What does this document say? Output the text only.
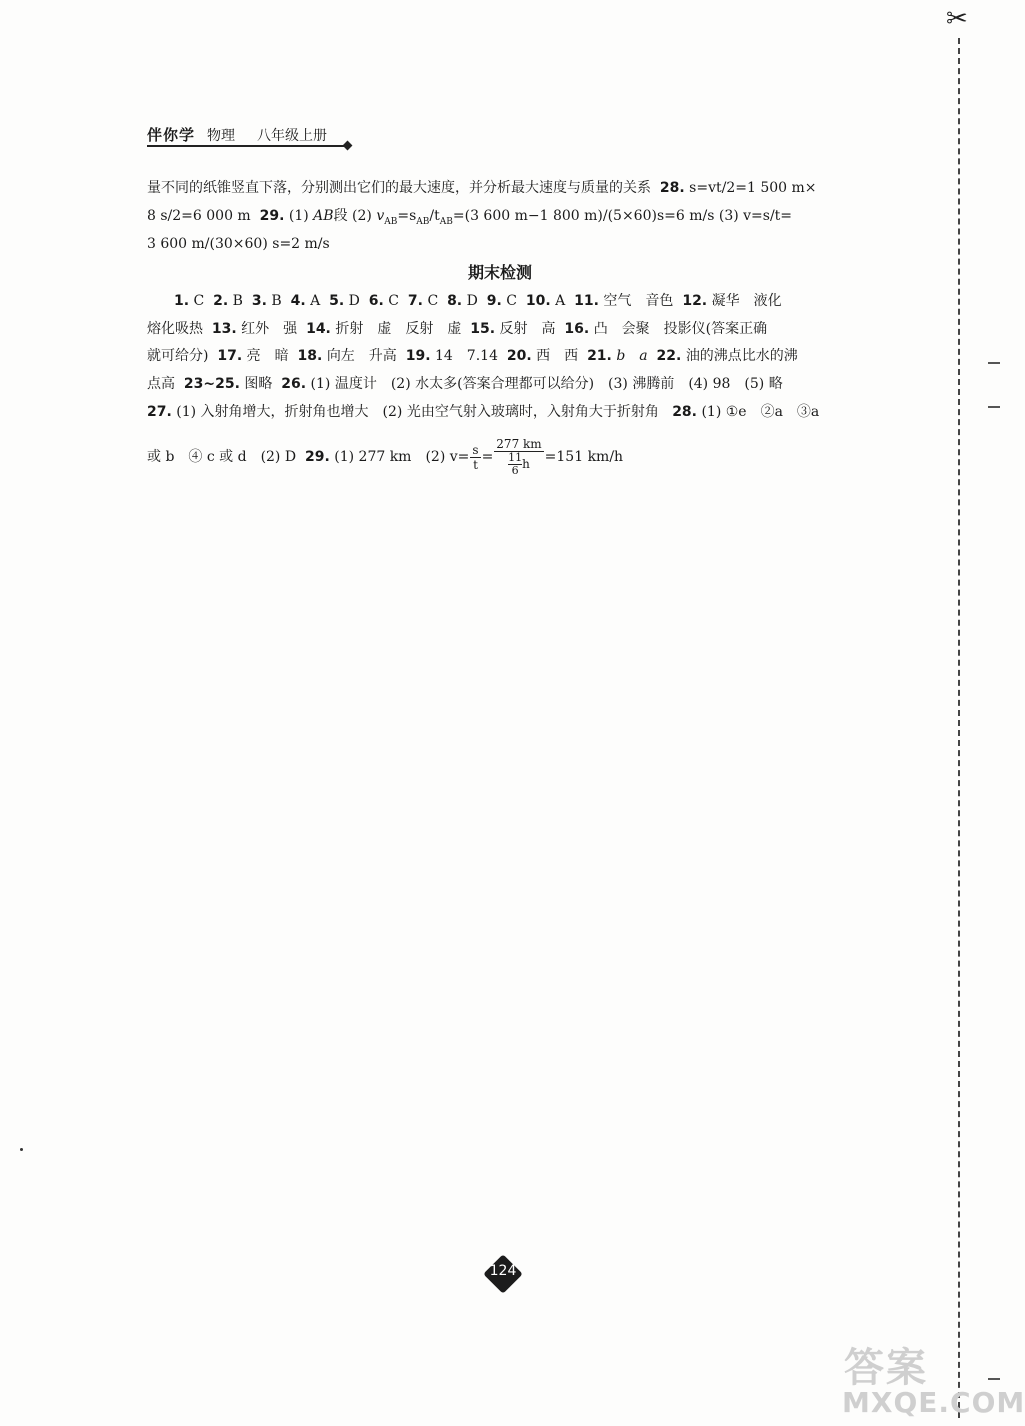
✂
伴你学 物理 八年级上册
量不同的纸锥竖直下落，分别测出它们的最大速度，并分析最大速度与质量的关系 28. s=vt/2=1 500 m×
8 s/2=6 000 m 29. (1) AB段 (2) $v_{AB}=s_{AB}/t_{AB}=(3$ 600 m−1 800 m)/(5×60)s=6 m/s (3) v=s/t=
3 600 m/(30×60) s=2 m/s
期末检测
1. C 2. B 3. B 4. A 5. D 6. C 7. C 8. D 9. C 10. A 11. 空气　音色 12. 凝华　液化
熔化吸热 13. 红外　强 14. 折射　虚　反射　虚 15. 反射　高 16. 凸　会聚　投影仪(答案正确
就可给分) 17. 亮　暗 18. 向左　升高 19. 14　7.14 20. 西　西 21. b　a 22. 油的沸点比水的沸
点高 23~25. 图略 26. (1) 温度计　(2) 水太多(答案合理都可以给分)　(3) 沸腾前　(4) 98　(5) 略
27. (1) 入射角增大，折射角也增大　(2) 光由空气射入玻璃时，入射角大于折射角 28. (1) ①e　②a　③a
或 b　④ c 或 d　(2) D 29. (1) 277 km　(2) $v= \frac{s}{t} = \frac{277 km}{\frac{11}{6} h} =151$ km/h
124
答案
MXQE.COM
